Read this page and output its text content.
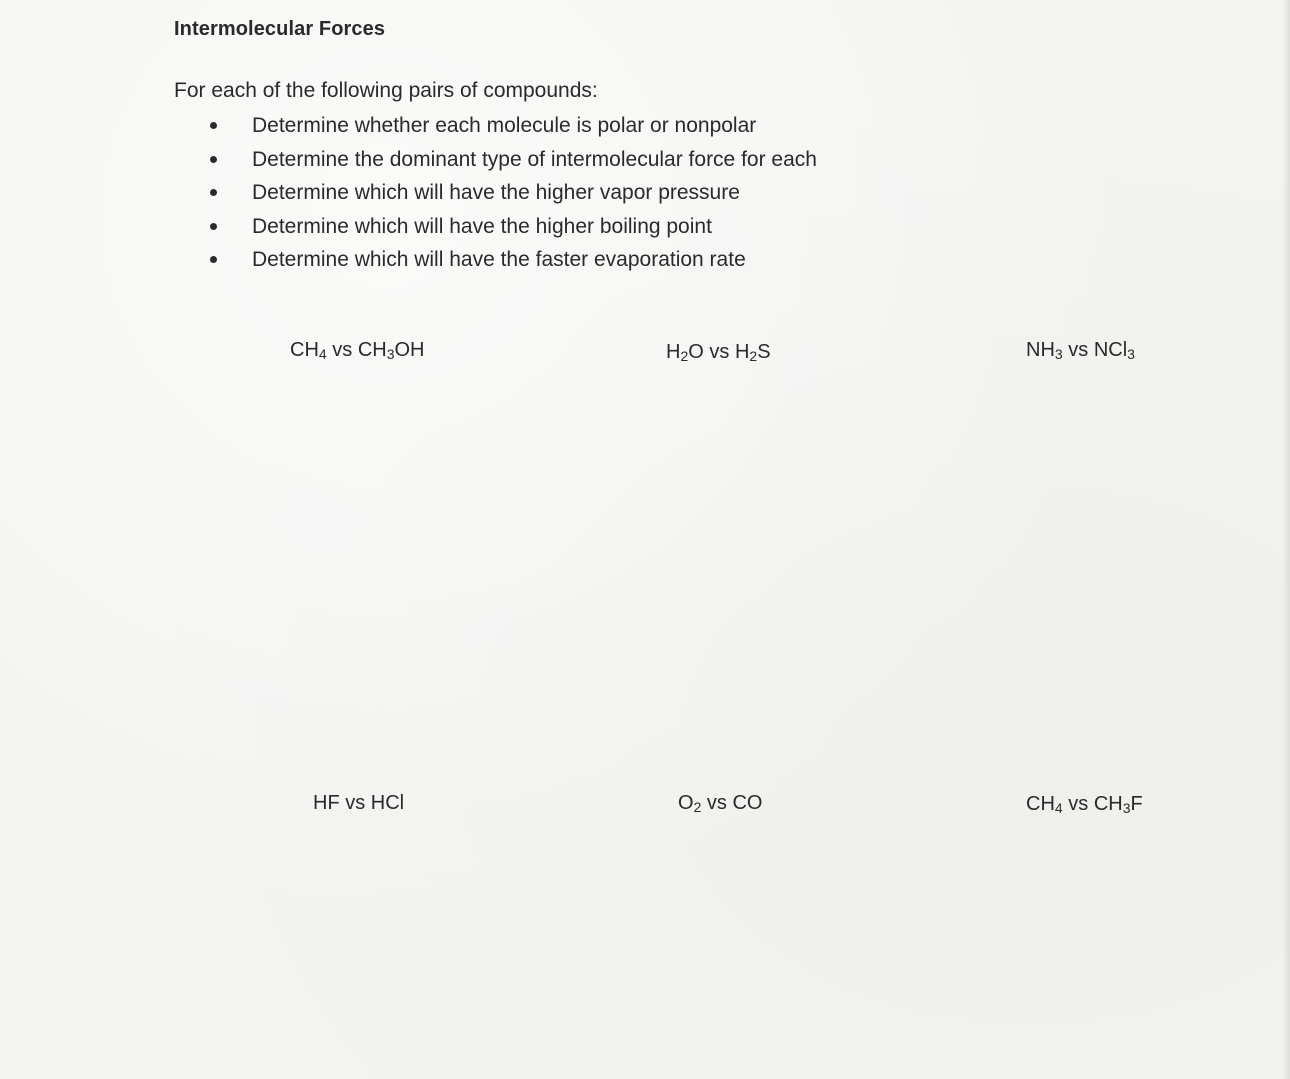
Intermolecular Forces
For each of the following pairs of compounds:
Determine whether each molecule is polar or nonpolar
Determine the dominant type of intermolecular force for each
Determine which will have the higher vapor pressure
Determine which will have the higher boiling point
Determine which will have the faster evaporation rate
$CH_4$ vs $CH_3OH$	$H_2O$ vs $H_2S$	$NH_3$ vs NCl$_3$
HF vs HCl	$O_2$ vs CO	$CH_4$ vs $CH_3F$
